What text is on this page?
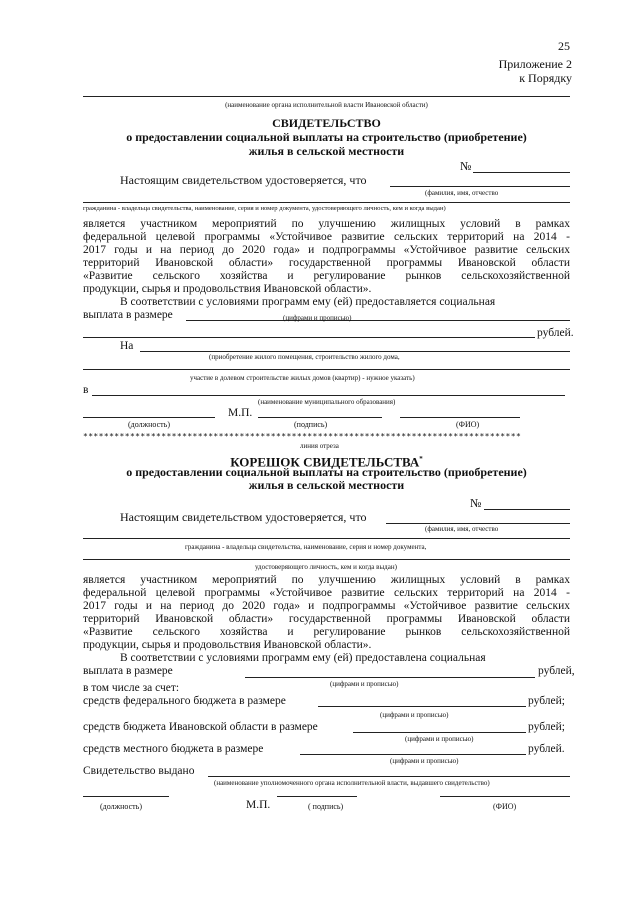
25
Приложение 2
к Порядку
(наименование органа исполнительной власти Ивановской области)
СВИДЕТЕЛЬСТВО
о предоставлении социальной выплаты на строительство (приобретение)
жилья в сельской местности
№
Настоящим свидетельством удостоверяется, что
(фамилия, имя, отчество
гражданина - владельца свидетельства, наименование, серия и номер документа, удостоверяющего личность, кем и когда выдан)
является участником мероприятий по улучшению жилищных условий в рамках
федеральной целевой программы «Устойчивое развитие сельских территорий на 2014 -
2017 годы и на период до 2020 года» и подпрограммы «Устойчивое развитие сельских
территорий Ивановской области» государственной программы Ивановской области
«Развитие сельского хозяйства и регулирование рынков сельскохозяйственной
продукции, сырья и продовольствия Ивановской области».
В соответствии с условиями программ ему (ей) предоставляется социальная
выплата в размере	(цифрами и прописью)
рублей.
На
(приобретение жилого помещения, строительство жилого дома,
участие в долевом строительстве жилых домов (квартир) - нужное указать)
в
(наименование муниципального образования)
М.П.
(должность)	(подпись)	(ФИО)
************************************************************************************
линия отреза
КОРЕШОК СВИДЕТЕЛЬСТВА*
о предоставлении социальной выплаты на строительство (приобретение)
жилья в сельской местности
№
Настоящим свидетельством удостоверяется, что
(фамилия, имя, отчество
гражданина - владельца свидетельства, наименование, серия и номер документа,
удостоверяющего личность, кем и когда выдан)
является участником мероприятий по улучшению жилищных условий в рамках
федеральной целевой программы «Устойчивое развитие сельских территорий на 2014 -
2017 годы и на период до 2020 года» и подпрограммы «Устойчивое развитие сельских
территорий Ивановской области» государственной программы Ивановской области
«Развитие сельского хозяйства и регулирование рынков сельскохозяйственной
продукции, сырья и продовольствия Ивановской области».
В соответствии с условиями программ ему (ей) предоставлена социальная
выплата в размере	рублей,
(цифрами и прописью)
в том числе за счет:
средств федерального бюджета в размере	рублей;
(цифрами и прописью)
средств бюджета Ивановской области в размере	рублей;
(цифрами и прописью)
средств местного бюджета в размере	рублей.
(цифрами и прописью)
Свидетельство выдано
(наименование уполномоченного органа исполнительной власти, выдавшего свидетельство)
(должность)	М.П.	( подпись)	(ФИО)
